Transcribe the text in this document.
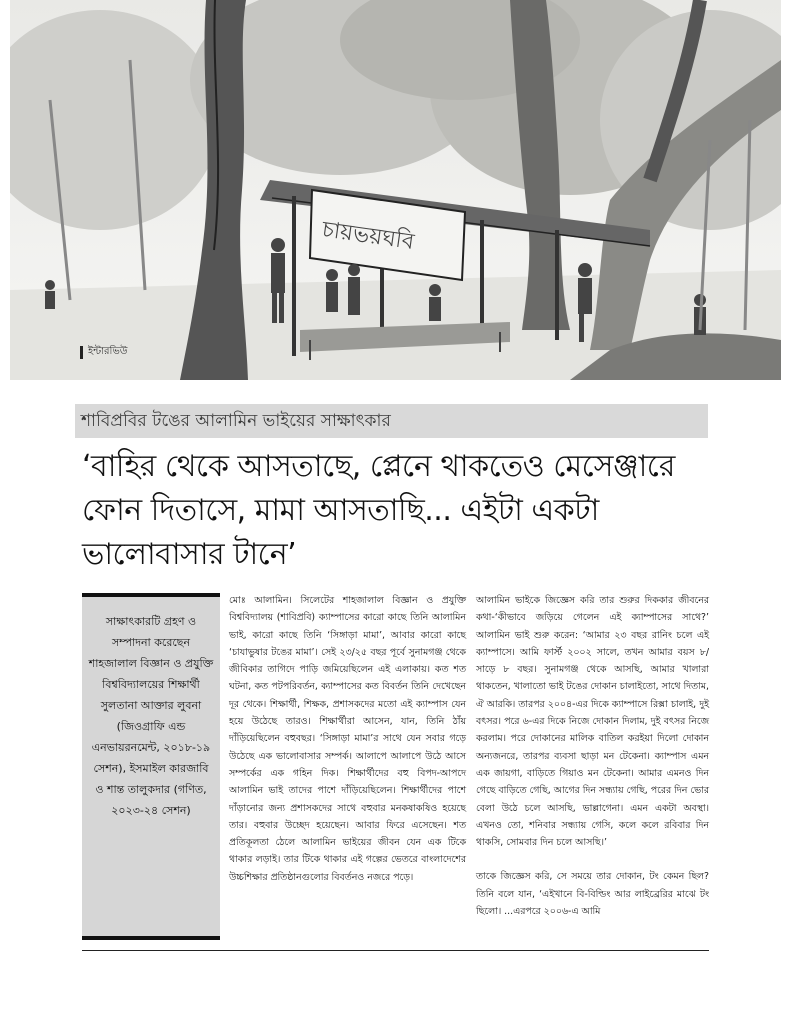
চায়ভয়ঘবি
ইন্টারভিউ
শাবিপ্রবির টঙের আলামিন ভাইয়ের সাক্ষাৎকার
‘বাহির থেকে আসতাছে, প্লেনে থাকতেও মেসেঞ্জারে ফোন দিতাসে, মামা আসতাছি... এইটা একটা ভালোবাসার টানে’
সাক্ষাৎকারটি গ্রহণ ও সম্পাদনা করেছেন শাহজালাল বিজ্ঞান ও প্রযুক্তি বিশ্ববিদ্যালয়ের শিক্ষার্থী সুলতানা আক্তার লুবনা (জিওগ্রাফি এন্ড এনভায়রনমেন্ট, ২০১৮-১৯ সেশন), ইসমাইল কারজাবি ও শান্ত তালুকদার (গণিত, ২০২৩-২৪ সেশন)

মোঃ আলামিন। সিলেটের শাহজালাল বিজ্ঞান ও প্রযুক্তি বিশ্ববিদ্যালয় (শাবিপ্রবি) ক্যাম্পাসের কারো কাছে তিনি আলামিন ভাই, কারো কাছে তিনি ‘সিঙ্গাড়া মামা’, আবার কারো কাছে ‘চাযাভুষার টঙের মামা’। সেই ২৩/২৫ বছর পূর্বে সুনামগঞ্জ থেকে জীবিকার তাগিদে পাড়ি জমিয়েছিলেন এই এলাকায়। কত শত ঘটনা, কত পটপরিবর্তন, ক্যাম্পাসের কত বিবর্তন তিনি দেখেছেন দূর থেকে। শিক্ষার্থী, শিক্ষক, প্রশাসকদের মতো এই ক্যাম্পাস যেন হয়ে উঠেছে তারও। শিক্ষার্থীরা আসেন, যান, তিনি ঠাঁয় দাঁড়িয়েছিলেন বহুবছর। ‘সিঙ্গাড়া মামা’র সাথে যেন সবার গড়ে উঠেছে এক ভালোবাসার সম্পর্ক। আলাপে আলাপে উঠে আসে সম্পর্কের এক গহিন দিক। শিক্ষার্থীদের বহু বিপদ-আপদে আলামিন ভাই তাদের পাশে দাঁড়িয়েছিলেন। শিক্ষার্থীদের পাশে দাঁড়ানোর জন্য প্রশাসকদের সাথে বহুবার মনকষাকষিও হয়েছে তার। বহুবার উচ্ছেদ হয়েছেন। আবার ফিরে এসেছেন। শত প্রতিকূলতা ঠেলে আলামিন ভাইয়ের জীবন যেন এক টিকে থাকার লড়াই। তার টিকে থাকার এই গল্পের ভেতরে বাংলাদেশের উচ্চশিক্ষার প্রতিষ্ঠানগুলোর বিবর্তনও নজরে পড়ে।

আলামিন ভাইকে জিজ্ঞেস করি তার শুরুর দিককার জীবনের কথা-‘কীভাবে জড়িয়ে গেলেন এই ক্যাম্পাসের সাথে?’ আলামিন ভাই শুরু করেন: ‘আমার ২৩ বছর রানিং চলে এই ক্যাম্পাসে। আমি ফার্স্ট ২০০২ সালে, তখন আমার বয়স ৮/সাড়ে ৮ বছর। সুনামগঞ্জ থেকে আসছি, আমার খালারা থাকতেন, খালাতো ভাই টঙের দোকান চালাইতো, সাথে দিতাম, ঐ আরকি। তারপর ২০০৪-এর দিকে ক্যাম্পাসে রিক্সা চালাই, দুই বৎসর। পরে ৬-এর দিকে নিজে দোকান দিলাম, দুই বৎসর নিজে করলাম। পরে দোকানের মালিক বাতিল করইয়া দিলো দোকান অন্যজনরে, তারপর ব্যবসা ছাড়া মন টেকেনা। ক্যাম্পাস এমন এক জায়গা, বাড়িতে গিয়াও মন টেকেনা। আমার এমনও দিন গেছে বাড়িতে গেছি, আগের দিন সন্ধ্যায় গেছি, পরের দিন ভোর বেলা উঠে চলে আসছি, ভাল্লাগেনা। এমন একটা অবস্থা। এখনও তো, শনিবার সন্ধ্যায় গেসি, কলে কলে রবিবার দিন থাকসি, সোমবার দিন চলে আসছি।’

তাকে জিজ্ঞেস করি, সে সময়ে তার দোকান, টং কেমন ছিল? তিনি বলে যান, ‘এইখানে বি-বিল্ডিং আর লাইব্রেরির মাঝে টং ছিলো। ...এরপরে ২০০৬-এ আমি
